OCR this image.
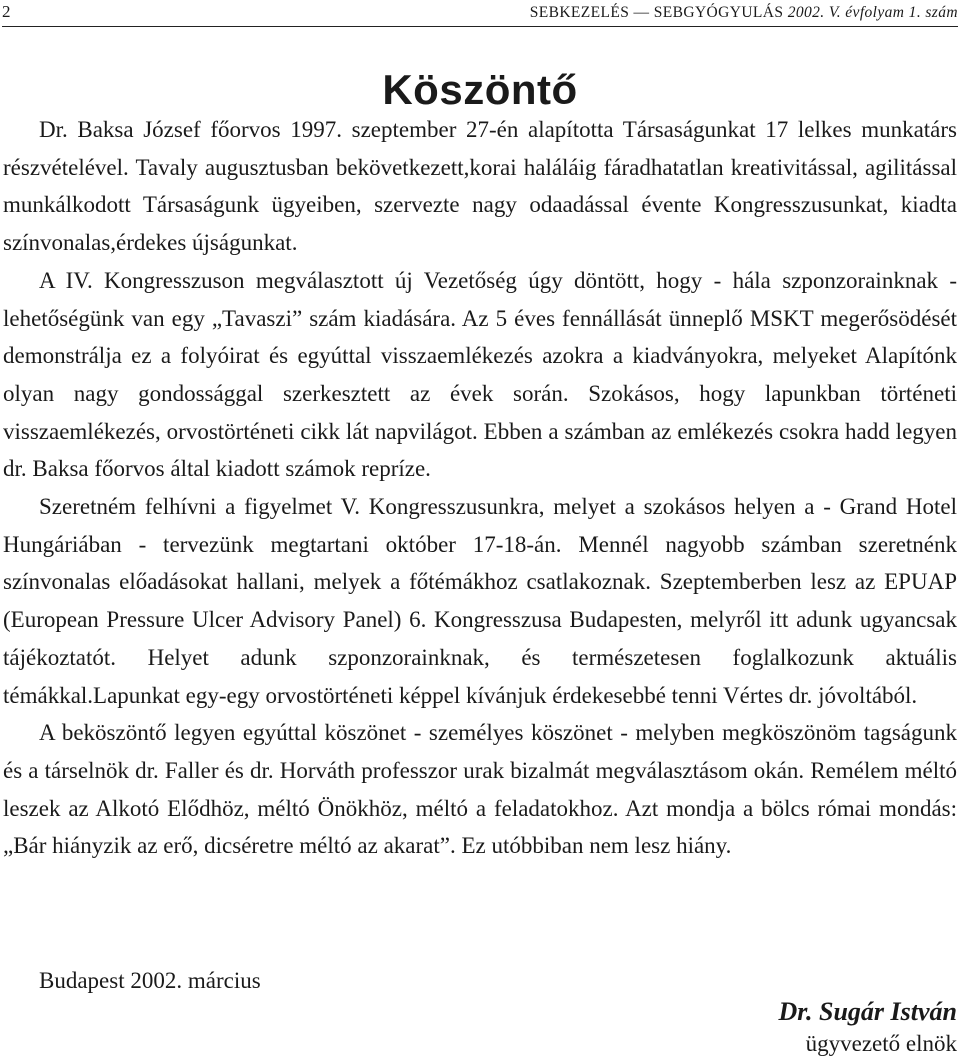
2	SEBKEZELÉS — SEBGYÓGYULÁS 2002. V. évfolyam 1. szám
Köszöntő

Dr. Baksa József főorvos 1997. szeptember 27-én alapította Társaságunkat 17 lelkes munkatárs részvételével. Tavaly augusztusban bekövetkezett,korai haláláig fáradhatatlan kreativitással, agilitással munkálkodott Társaságunk ügyeiben, szervezte nagy odaadással évente Kongresszusunkat, kiadta színvonalas,érdekes újságunkat.

A IV. Kongresszuson megválasztott új Vezetőség úgy döntött, hogy - hála szponzorainknak - lehetőségünk van egy „Tavaszi” szám kiadására. Az 5 éves fennállását ünneplő MSKT megerősödését demonstrálja ez a folyóirat és egyúttal visszaemlékezés azokra a kiadványokra, melyeket Alapítónk olyan nagy gondossággal szerkesztett az évek során. Szokásos, hogy lapunkban történeti visszaemlékezés, orvostörténeti cikk lát napvilágot. Ebben a számban az emlékezés csokra hadd legyen dr. Baksa főorvos által kiadott számok repríze.

Szeretném felhívni a figyelmet V. Kongresszusunkra, melyet a szokásos helyen a - Grand Hotel Hungáriában - tervezünk megtartani október 17-18-án. Mennél nagyobb számban szeretnénk színvonalas előadásokat hallani, melyek a főtémákhoz csatlakoznak. Szeptemberben lesz az EPUAP (European Pressure Ulcer Advisory Panel) 6. Kongresszusa Budapesten, melyről itt adunk ugyancsak tájékoztatót. Helyet adunk szponzorainknak, és természetesen foglalkozunk aktuális témákkal.Lapunkat egy-egy orvostörténeti képpel kívánjuk érdekesebbé tenni Vértes dr. jóvoltából.

A beköszöntő legyen egyúttal köszönet - személyes köszönet - melyben megköszönöm tagságunk és a társelnök dr. Faller és dr. Horváth professzor urak bizalmát megválasztásom okán. Remélem méltó leszek az Alkotó Elődhöz, méltó Önökhöz, méltó a feladatokhoz. Azt mondja a bölcs római mondás: „Bár hiányzik az erő, dicséretre méltó az akarat”. Ez utóbbiban nem lesz hiány.

Budapest 2002. március
Dr. Sugár István
ügyvezető elnök
